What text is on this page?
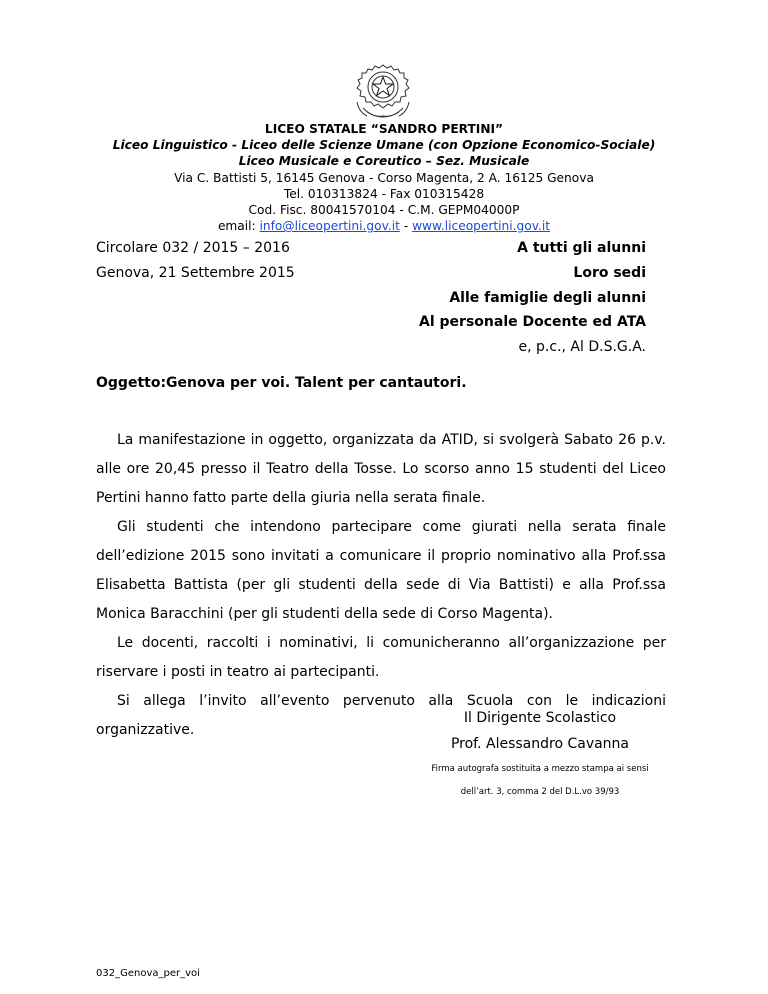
LICEO STATALE “SANDRO PERTINI”
Liceo Linguistico - Liceo delle Scienze Umane (con Opzione Economico-Sociale)
Liceo Musicale e Coreutico – Sez. Musicale
Via C. Battisti 5, 16145 Genova - Corso Magenta, 2 A. 16125 Genova
Tel. 010313824 - Fax 010315428
Cod. Fisc. 80041570104 - C.M. GEPM04000P
email: info@liceopertini.gov.it - www.liceopertini.gov.it
Circolare 032 / 2015 – 2016
Genova, 21 Settembre 2015
A tutti gli alunni
Loro sedi
Alle famiglie degli alunni
Al personale Docente ed ATA
e, p.c., Al D.S.G.A.
Oggetto: Genova per voi. Talent per cantautori.

La manifestazione in oggetto, organizzata da ATID, si svolgerà Sabato 26 p.v. alle ore 20,45 presso il Teatro della Tosse. Lo scorso anno 15 studenti del Liceo Pertini hanno fatto parte della giuria nella serata finale.

Gli studenti che intendono partecipare come giurati nella serata finale dell’edizione 2015 sono invitati a comunicare il proprio nominativo alla Prof.ssa Elisabetta Battista (per gli studenti della sede di Via Battisti) e alla Prof.ssa Monica Baracchini (per gli studenti della sede di Corso Magenta).

Le docenti, raccolti i nominativi, li comunicheranno all’organizzazione per riservare i posti in teatro ai partecipanti.

Si allega l’invito all’evento pervenuto alla Scuola con le indicazioni organizzative.

Il Dirigente Scolastico
Prof. Alessandro Cavanna
Firma autografa sostituita a mezzo stampa ai sensi
dell’art. 3, comma 2 del D.L.vo 39/93
032_Genova_per_voi
